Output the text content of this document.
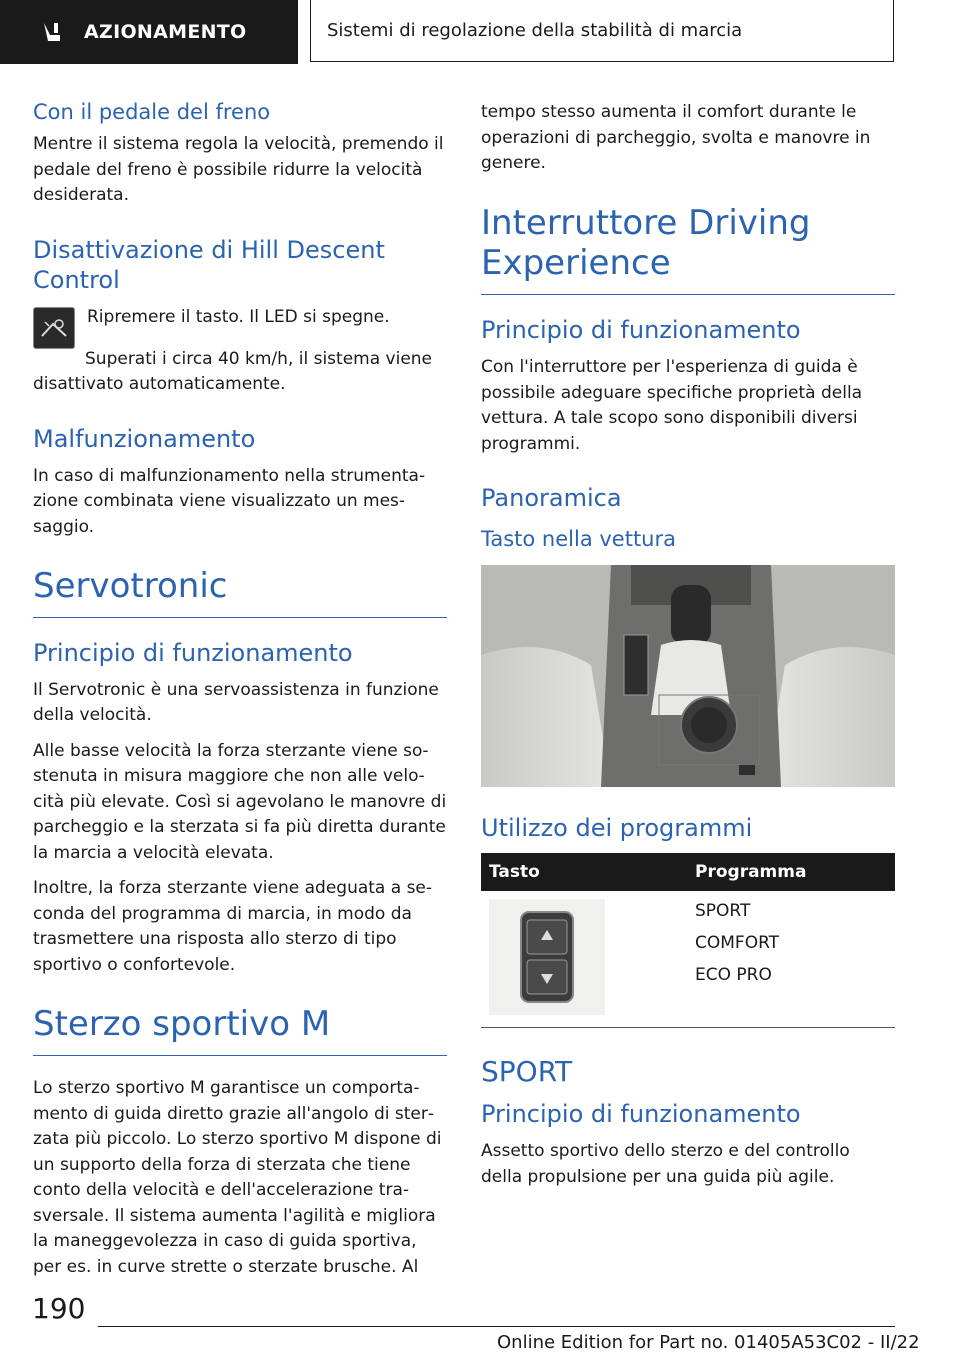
AZIONAMENTO	Sistemi di regolazione della stabilità di marcia
Con il pedale del freno
Mentre il sistema regola la velocità, premendo il pedale del freno è possibile ridurre la velocità desiderata.
Disattivazione di Hill Descent Control
Ripremere il tasto. Il LED si spegne.
Superati i circa 40 km/h, il sistema viene disattivato automaticamente.
Malfunzionamento
In caso di malfunzionamento nella strumentazione combinata viene visualizzato un messaggio.
Servotronic
Principio di funzionamento
Il Servotronic è una servoassistenza in funzione della velocità.
Alle basse velocità la forza sterzante viene sostenuta in misura maggiore che non alle velocità più elevate. Così si agevolano le manovre di parcheggio e la sterzata si fa più diretta durante la marcia a velocità elevata.
Inoltre, la forza sterzante viene adeguata a seconda del programma di marcia, in modo da trasmettere una risposta allo sterzo di tipo sportivo o confortevole.
Sterzo sportivo M
Lo sterzo sportivo M garantisce un comportamento di guida diretto grazie all'angolo di sterzata più piccolo. Lo sterzo sportivo M dispone di un supporto della forza di sterzata che tiene conto della velocità e dell'accelerazione trasversale. Il sistema aumenta l'agilità e migliora la maneggevolezza in caso di guida sportiva, per es. in curve strette o sterzate brusche. Al
tempo stesso aumenta il comfort durante le operazioni di parcheggio, svolta e manovre in genere.
Interruttore Driving Experience
Principio di funzionamento
Con l'interruttore per l'esperienza di guida è possibile adeguare specifiche proprietà della vettura. A tale scopo sono disponibili diversi programmi.
Panoramica
Tasto nella vettura
Utilizzo dei programmi
Tasto	Programma

SPORT
COMFORT
ECO PRO
SPORT
Principio di funzionamento
Assetto sportivo dello sterzo e del controllo della propulsione per una guida più agile.
190
Online Edition for Part no. 01405A53C02 - II/22
